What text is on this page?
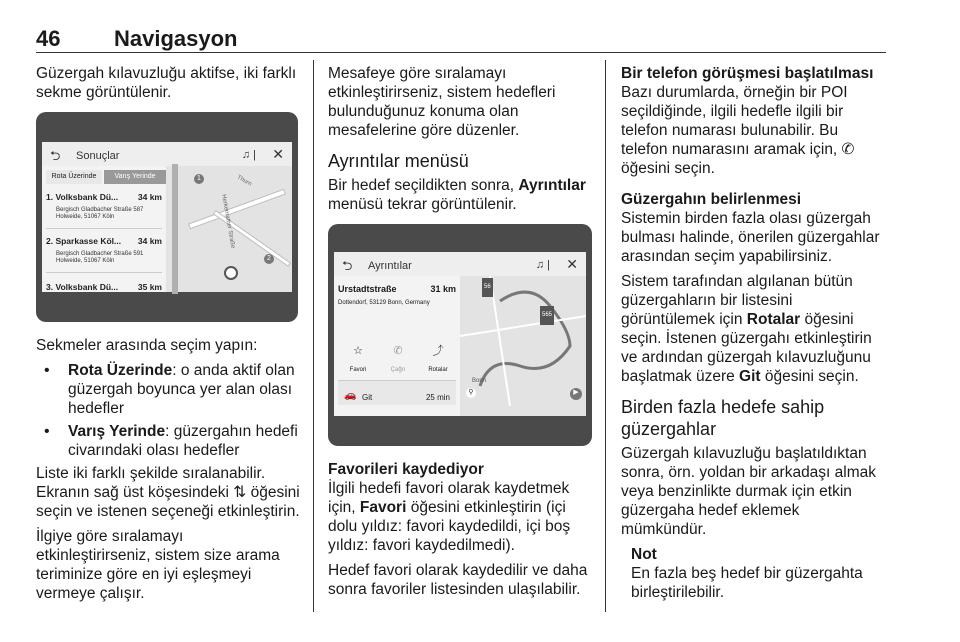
46 Navigasyon

Güzergah kılavuzluğu aktifse, iki farklı sekme görüntülenir.

⮌ Sonuçlar	♫ | ✕
Thurn
Herkenrather Straße
1
2
Rota Üzerinde	Varış Yerinde
1. Volksbank Dü...	34 km
Bergisch Gladbacher Straße 587
Holweide, 51067 Köln
2. Sparkasse Köl...	34 km
Bergisch Gladbacher Straße 591
Holweide, 51067 Köln
3. Volksbank Dü...	35 km

Sekmeler arasında seçim yapın:

• Rota Üzerinde: o anda aktif olan güzergah boyunca yer alan olası hedefler
• Varış Yerinde: güzergahın hedefi civarındaki olası hedefler

Liste iki farklı şekilde sıralanabilir. Ekranın sağ üst köşesindeki ⇅ öğesini seçin ve istenen seçeneği etkinleştirin.

İlgiye göre sıralamayı etkinleştirirseniz, sistem size arama teriminize göre en iyi eşleşmeyi vermeye çalışır.

Mesafeye göre sıralamayı etkinleştirirseniz, sistem hedefleri bulunduğunuz konuma olan mesafelerine göre düzenler.

Ayrıntılar menüsü

Bir hedef seçildikten sonra, Ayrıntılar menüsü tekrar görüntülenir.

⮌ Ayrıntılar	♫ | ✕
Urstadtstraße	31 km
Dottendorf, 53129 Bonn, Germany
☆
Favori
✆
Çağrı
⤴
Rotalar
🚗 Git	25 min
56
565
Bonn
⚲	▶
Favorileri kaydediyor

İlgili hedefi favori olarak kaydetmek için, Favori öğesini etkinleştirin (içi dolu yıldız: favori kaydedildi, içi boş yıldız: favori kaydedilmedi).

Hedef favori olarak kaydedilir ve daha sonra favoriler listesinden ulaşılabilir.

Bir telefon görüşmesi başlatılması

Bazı durumlarda, örneğin bir POI seçildiğinde, ilgili hedefle ilgili bir telefon numarası bulunabilir. Bu telefon numarasını aramak için, ✆ öğesini seçin.

Güzergahın belirlenmesi

Sistemin birden fazla olası güzergah bulması halinde, önerilen güzergahlar arasından seçim yapabilirsiniz.

Sistem tarafından algılanan bütün güzergahların bir listesini görüntülemek için Rotalar öğesini seçin. İstenen güzergahı etkinleştirin ve ardından güzergah kılavuzluğunu başlatmak üzere Git öğesini seçin.

Birden fazla hedefe sahip güzergahlar

Güzergah kılavuzluğu başlatıldıktan sonra, örn. yoldan bir arkadaşı almak veya benzinlikte durmak için etkin güzergaha hedef eklemek mümkündür.

Not
En fazla beş hedef bir güzergahta birleştirilebilir.
